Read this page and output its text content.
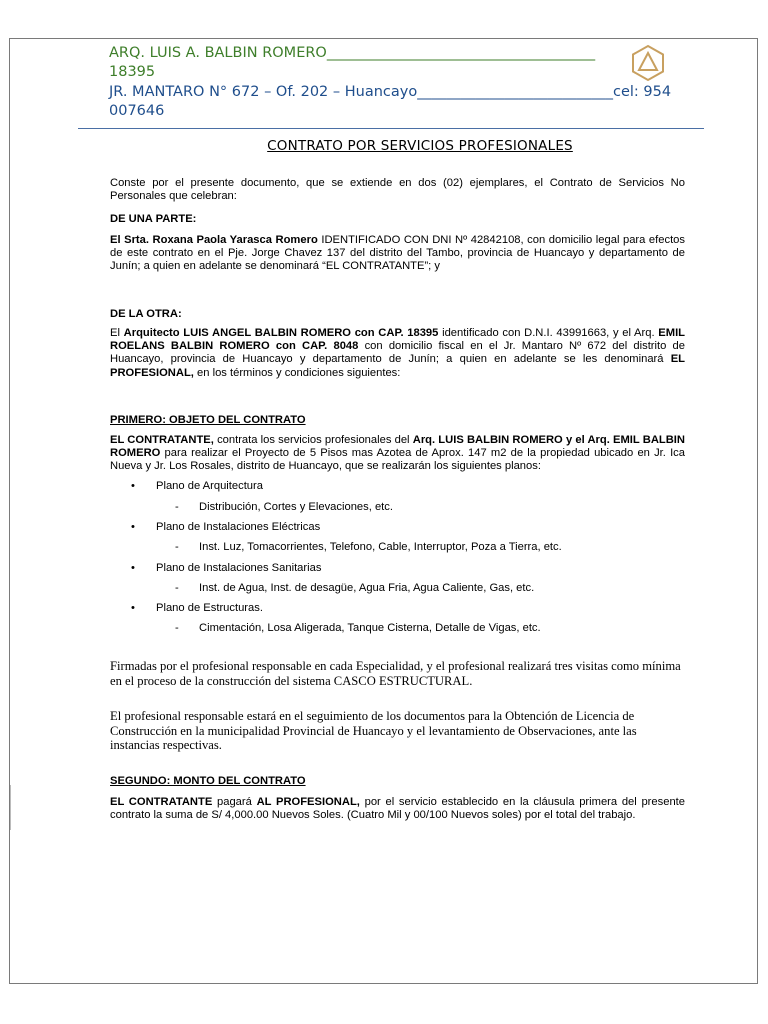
ARQ. LUIS A. BALBIN ROMERO_____________________________________ 18395
JR. MANTARO N° 672 – Of. 202 – Huancayo___________________________cel: 954 007646
CONTRATO POR SERVICIOS PROFESIONALES
Conste por el presente documento, que se extiende en dos (02) ejemplares, el Contrato de Servicios No Personales que celebran:
DE UNA PARTE:
El Srta. Roxana Paola Yarasca Romero IDENTIFICADO CON DNI Nº 42842108, con domicilio legal para efectos de este contrato en el Pje. Jorge Chavez 137 del distrito del Tambo, provincia de Huancayo y departamento de Junín; a quien en adelante se denominará “EL CONTRATANTE”; y
DE LA OTRA:
El Arquitecto LUIS ANGEL BALBIN ROMERO con CAP. 18395 identificado con D.N.I. 43991663, y el Arq. EMIL ROELANS BALBIN ROMERO con CAP. 8048 con domicilio fiscal en el Jr. Mantaro Nº 672 del distrito de Huancayo, provincia de Huancayo y departamento de Junín; a quien en adelante se les denominará EL PROFESIONAL, en los términos y condiciones siguientes:
PRIMERO: OBJETO DEL CONTRATO
EL CONTRATANTE, contrata los servicios profesionales del Arq. LUIS BALBIN ROMERO y el Arq. EMIL BALBIN ROMERO para realizar el Proyecto de 5 Pisos mas Azotea de Aprox. 147 m2 de la propiedad ubicado en Jr. Ica Nueva y Jr. Los Rosales, distrito de Huancayo, que se realizarán los siguientes planos:
• Plano de Arquitectura
- Distribución, Cortes y Elevaciones, etc.
• Plano de Instalaciones Eléctricas
- Inst. Luz, Tomacorrientes, Telefono, Cable, Interruptor, Poza a Tierra, etc.
• Plano de Instalaciones Sanitarias
- Inst. de Agua, Inst. de desagüe, Agua Fria, Agua Caliente, Gas, etc.
• Plano de Estructuras.
- Cimentación, Losa Aligerada, Tanque Cisterna, Detalle de Vigas, etc.
Firmadas por el profesional responsable en cada Especialidad, y el profesional realizará tres visitas como mínima en el proceso de la construcción del sistema CASCO ESTRUCTURAL.
El profesional responsable estará en el seguimiento de los documentos para la Obtención de Licencia de Construcción en la municipalidad Provincial de Huancayo y el levantamiento de Observaciones, ante las instancias respectivas.
SEGUNDO: MONTO DEL CONTRATO
EL CONTRATANTE pagará AL PROFESIONAL, por el servicio establecido en la cláusula primera del presente contrato la suma de S/ 4,000.00 Nuevos Soles. (Cuatro Mil y 00/100 Nuevos soles) por el total del trabajo.
